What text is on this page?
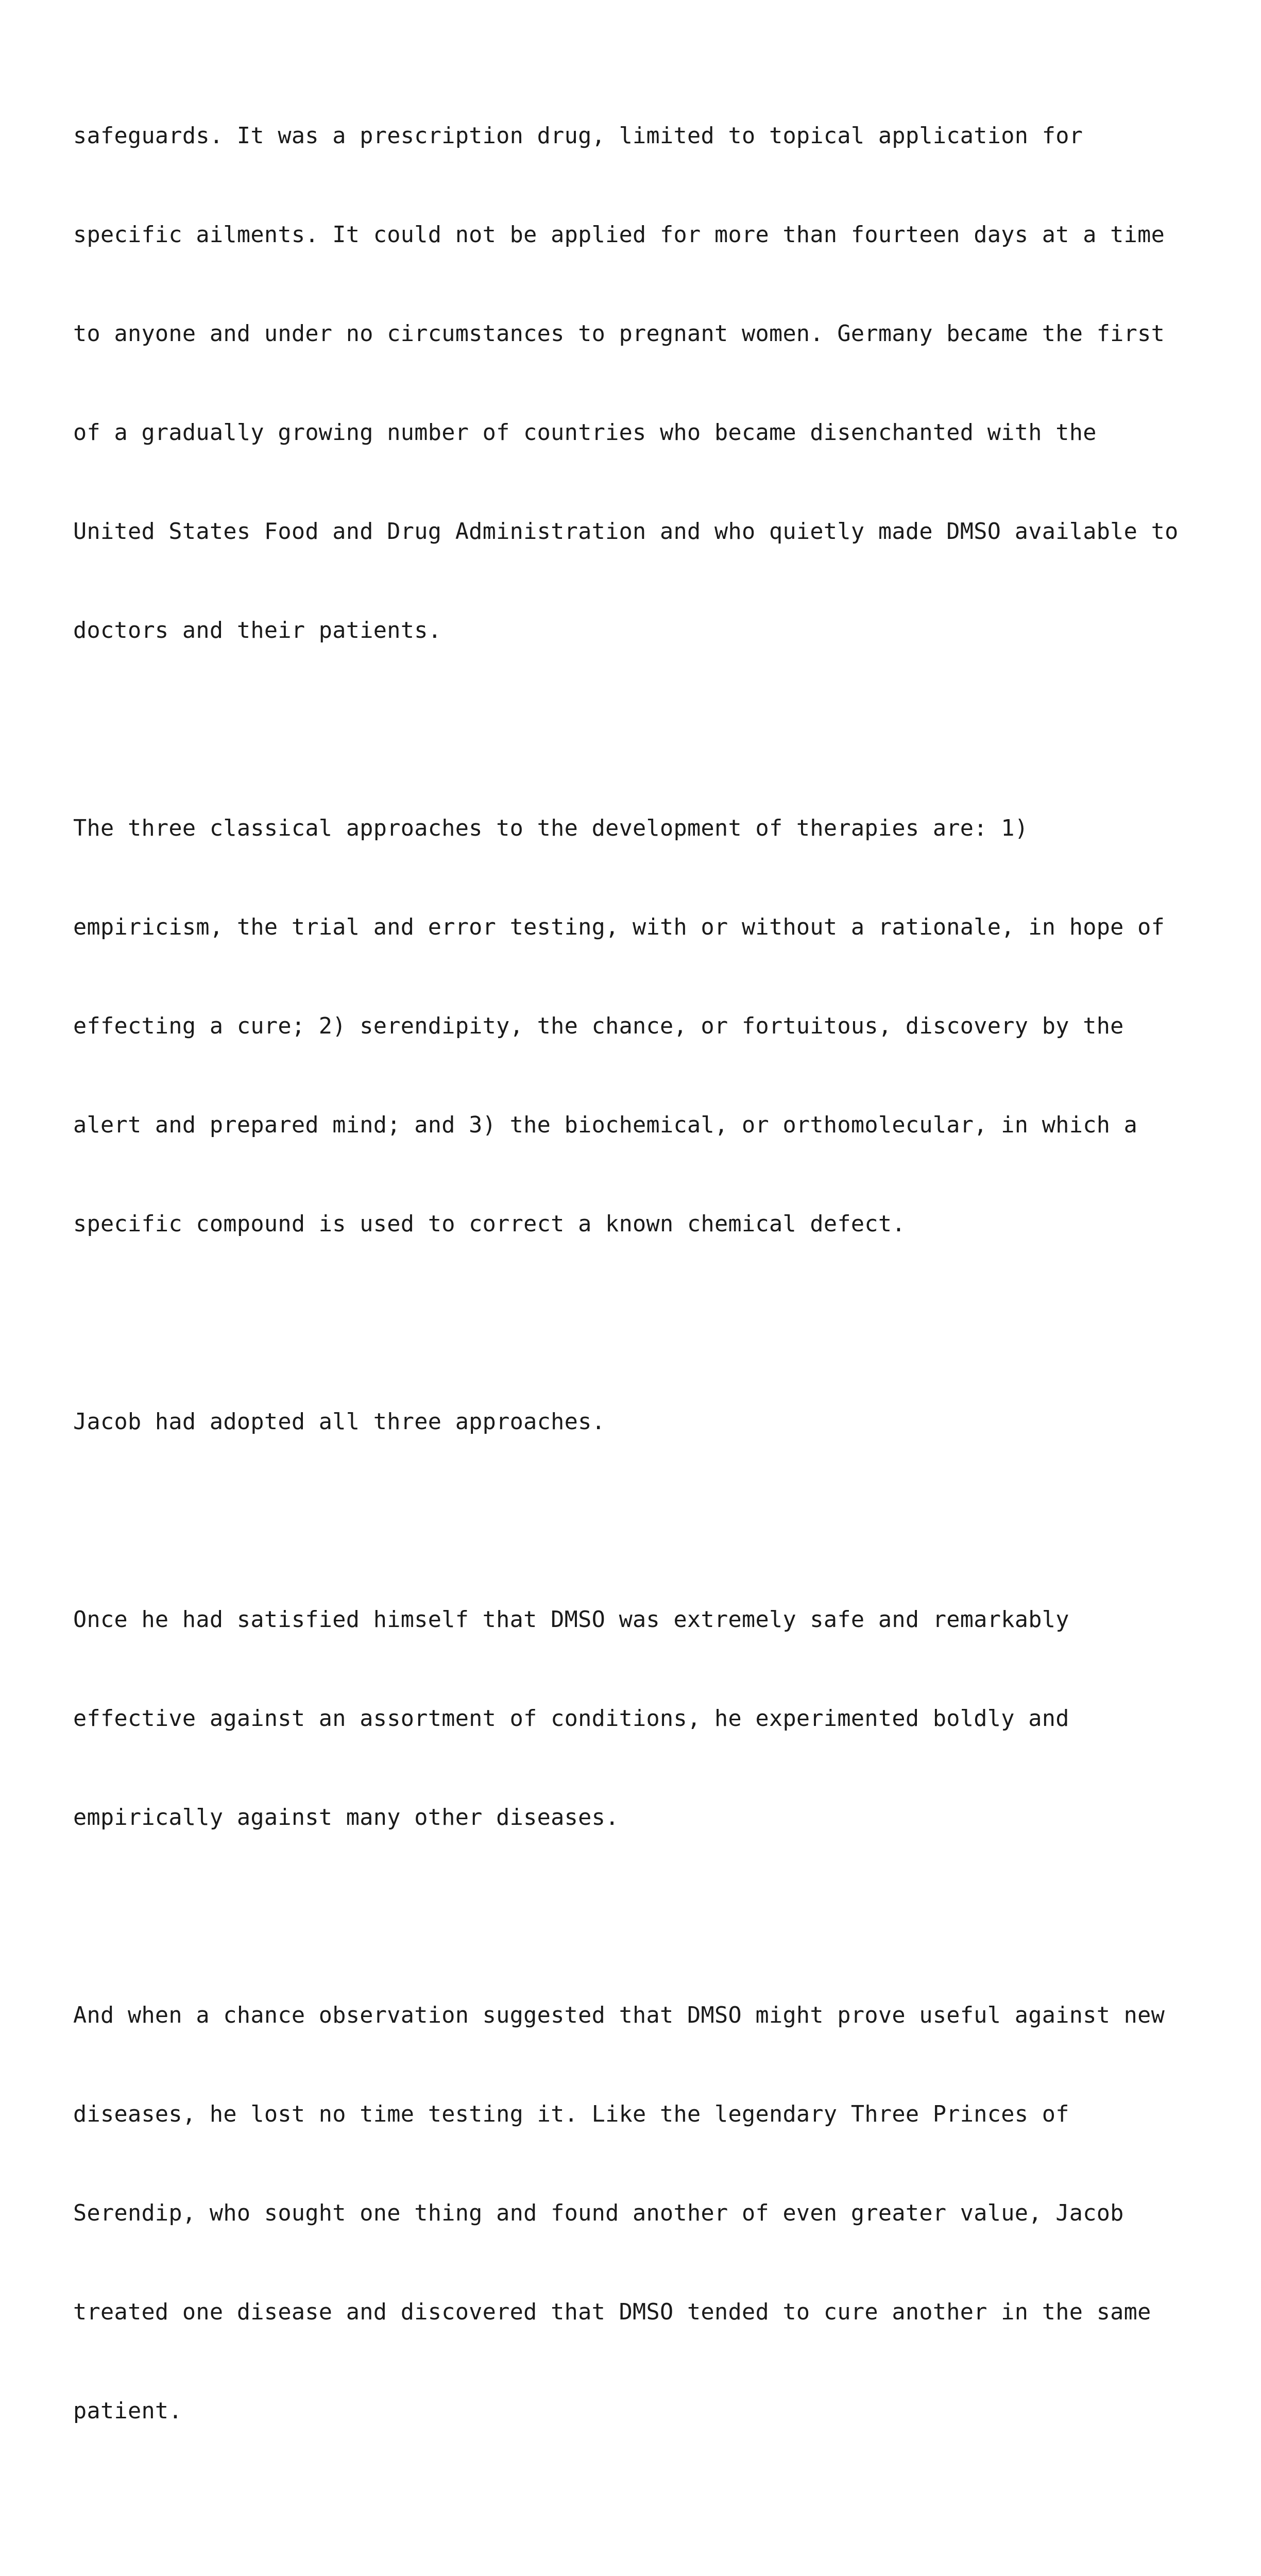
safeguards. It was a prescription drug, limited to topical application for

specific ailments. It could not be applied for more than fourteen days at a time

to anyone and under no circumstances to pregnant women. Germany became the first

of a gradually growing number of countries who became disenchanted with the

United States Food and Drug Administration and who quietly made DMSO available to

doctors and their patients.

The three classical approaches to the development of therapies are: 1)

empiricism, the trial and error testing, with or without a rationale, in hope of

effecting a cure; 2) serendipity, the chance, or fortuitous, discovery by the

alert and prepared mind; and 3) the biochemical, or orthomolecular, in which a

specific compound is used to correct a known chemical defect.

Jacob had adopted all three approaches.

Once he had satisfied himself that DMSO was extremely safe and remarkably

effective against an assortment of conditions, he experimented boldly and

empirically against many other diseases.

And when a chance observation suggested that DMSO might prove useful against new

diseases, he lost no time testing it. Like the legendary Three Princes of

Serendip, who sought one thing and found another of even greater value, Jacob

treated one disease and discovered that DMSO tended to cure another in the same

patient.
